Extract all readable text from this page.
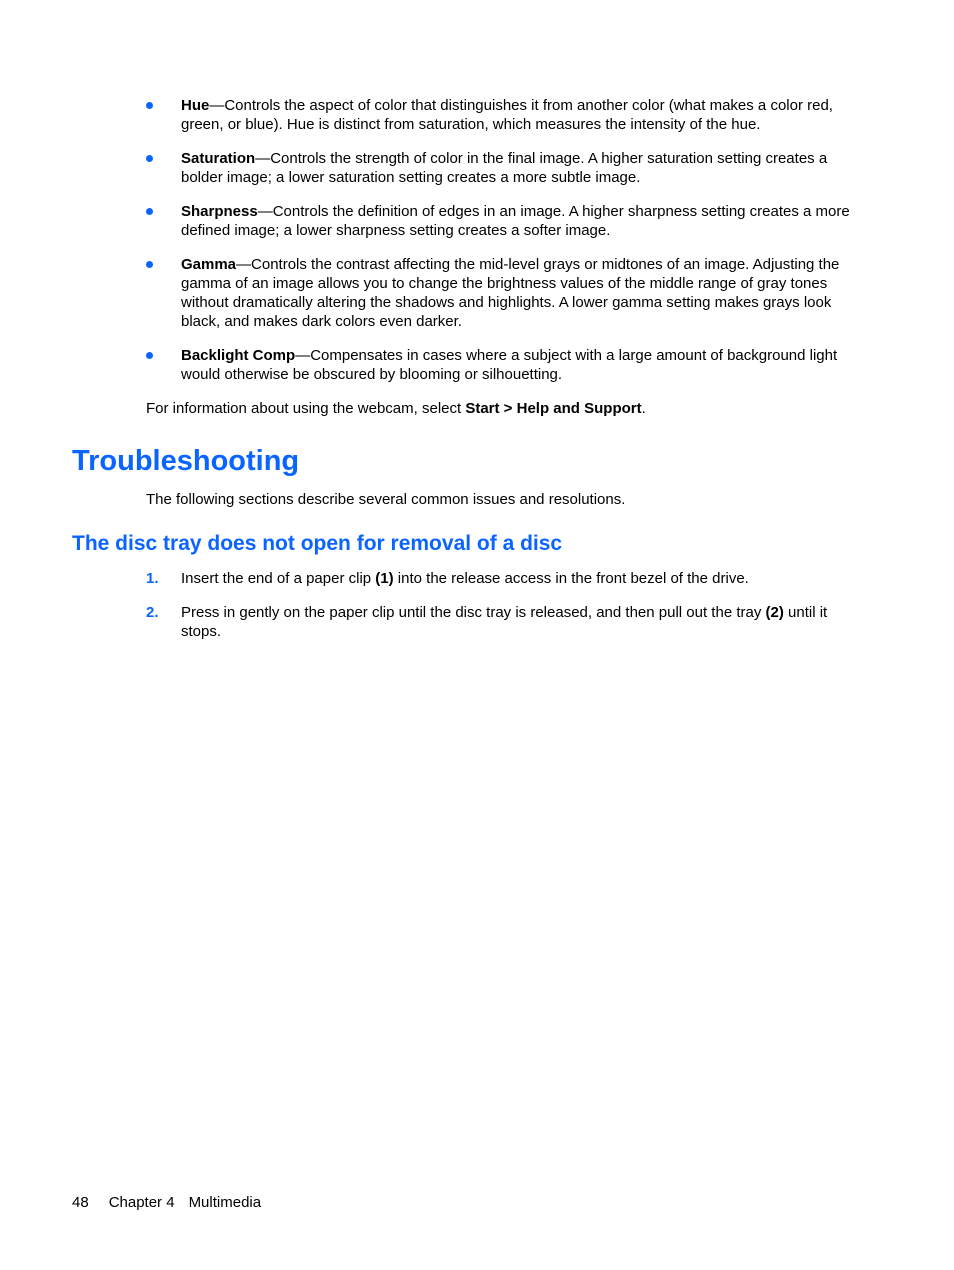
Hue—Controls the aspect of color that distinguishes it from another color (what makes a color red, green, or blue). Hue is distinct from saturation, which measures the intensity of the hue.
Saturation—Controls the strength of color in the final image. A higher saturation setting creates a bolder image; a lower saturation setting creates a more subtle image.
Sharpness—Controls the definition of edges in an image. A higher sharpness setting creates a more defined image; a lower sharpness setting creates a softer image.
Gamma—Controls the contrast affecting the mid-level grays or midtones of an image. Adjusting the gamma of an image allows you to change the brightness values of the middle range of gray tones without dramatically altering the shadows and highlights. A lower gamma setting makes grays look black, and makes dark colors even darker.
Backlight Comp—Compensates in cases where a subject with a large amount of background light would otherwise be obscured by blooming or silhouetting.

For information about using the webcam, select Start > Help and Support.

Troubleshooting

The following sections describe several common issues and resolutions.

The disc tray does not open for removal of a disc
1. Insert the end of a paper clip (1) into the release access in the front bezel of the drive.
2. Press in gently on the paper clip until the disc tray is released, and then pull out the tray (2) until it stops.
48 Chapter 4 Multimedia
